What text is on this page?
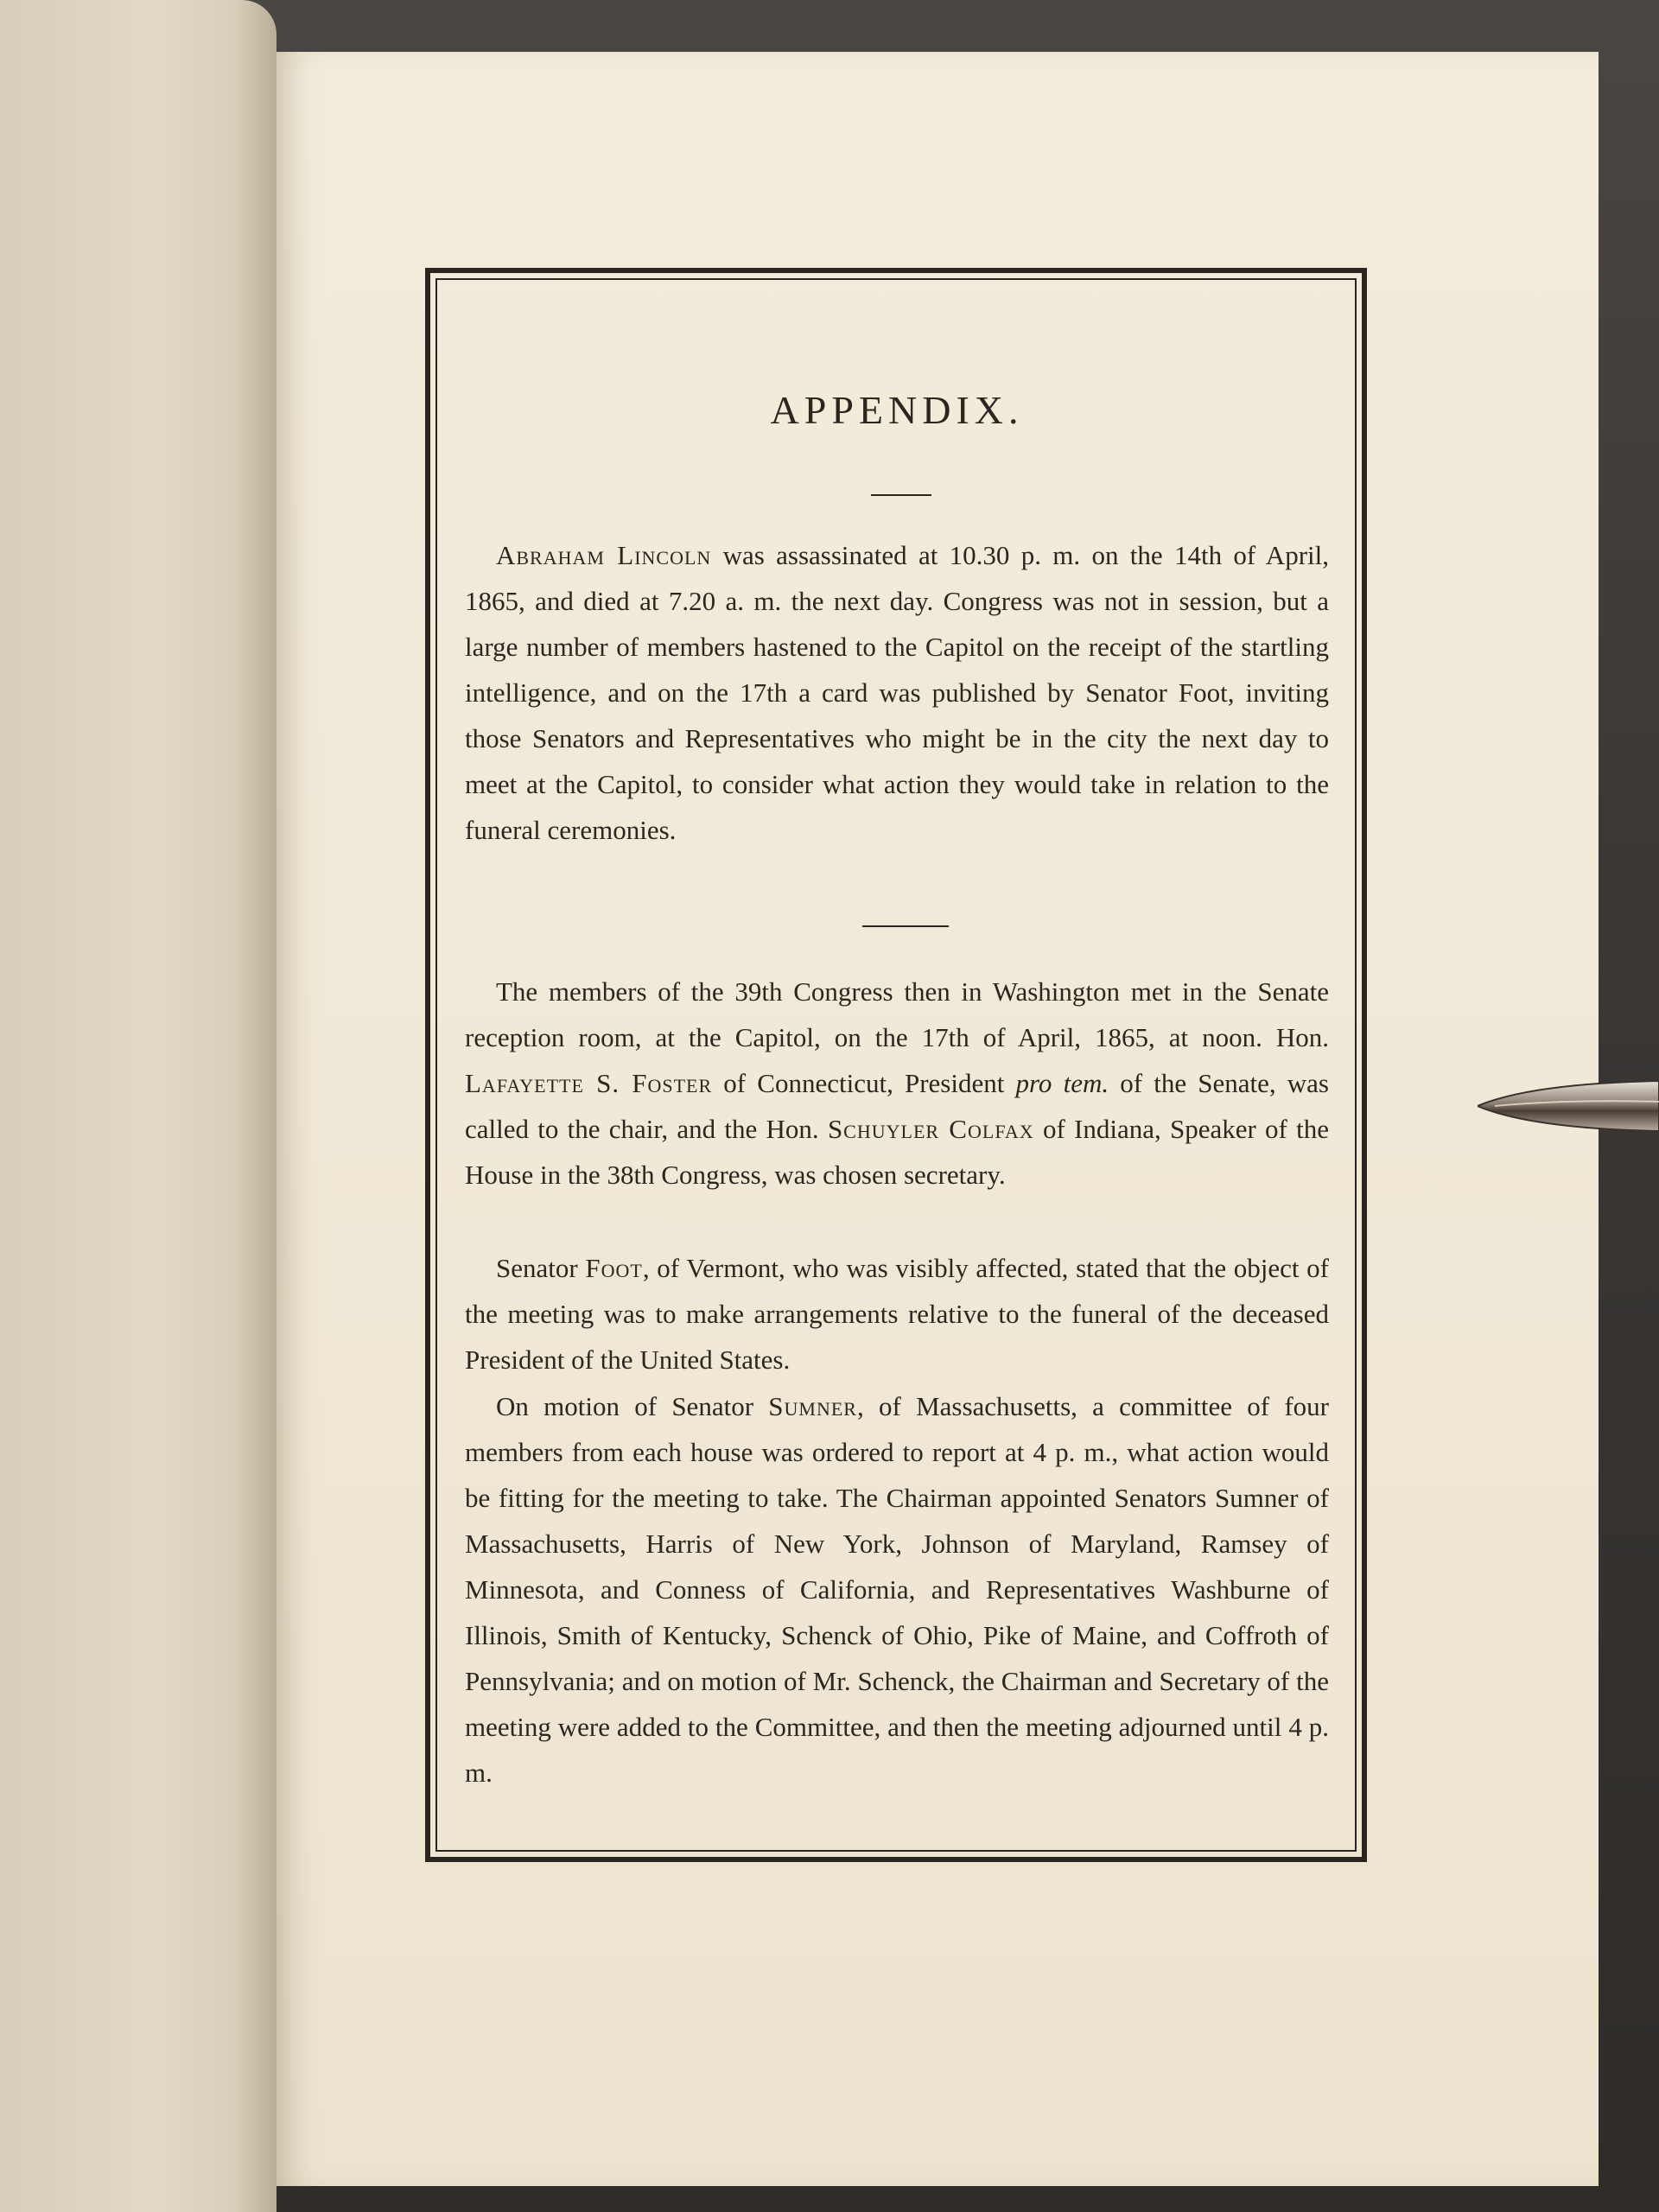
APPENDIX.

Abraham Lincoln was assassinated at 10.30 p. m. on the 14th of April, 1865, and died at 7.20 a. m. the next day. Congress was not in session, but a large number of members hastened to the Capitol on the receipt of the startling intelligence, and on the 17th a card was published by Senator Foot, inviting those Senators and Representatives who might be in the city the next day to meet at the Capitol, to consider what action they would take in relation to the funeral ceremonies.

The members of the 39th Congress then in Washington met in the Senate reception room, at the Capitol, on the 17th of April, 1865, at noon. Hon. Lafayette S. Foster of Connecticut, President pro tem. of the Senate, was called to the chair, and the Hon. Schuyler Colfax of Indiana, Speaker of the House in the 38th Congress, was chosen secretary.

Senator Foot, of Vermont, who was visibly affected, stated that the object of the meeting was to make arrangements relative to the funeral of the deceased President of the United States.

On motion of Senator Sumner, of Massachusetts, a committee of four members from each house was ordered to report at 4 p. m., what action would be fitting for the meeting to take. The Chairman appointed Senators Sumner of Massachusetts, Harris of New York, Johnson of Maryland, Ramsey of Minnesota, and Conness of California, and Representatives Washburne of Illinois, Smith of Kentucky, Schenck of Ohio, Pike of Maine, and Coffroth of Pennsylvania; and on motion of Mr. Schenck, the Chairman and Secretary of the meeting were added to the Committee, and then the meeting adjourned until 4 p. m.
